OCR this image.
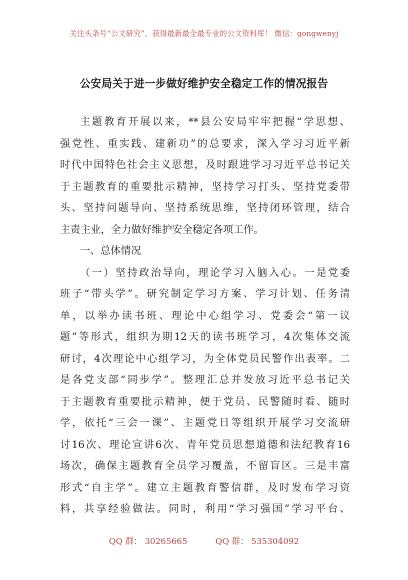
关注头条号“公文研究”，获得最新最全最专业的公文资料库！ 微信：gongwenyj
公安局关于进一步做好维护安全稳定工作的情况报告
主题教育开展以来，**县公安局牢牢把握“学思想、
强党性、重实践、建新功”的总要求，深入学习习近平新
时代中国特色社会主义思想，及时跟进学习习近平总书记关
于主题教育的重要批示精神，坚持学习打头、坚持党委带
头、坚持问题导向、坚持系统思维，坚持闭环管理，结合
主责主业，全力做好维护安全稳定各项工作。
一、总体情况
（一）坚持政治导向，理论学习入脑入心。一是党委
班子“带头学”。研究制定学习方案、学习计划、任务清
单，以举办读书班、理论中心组学习、党委会“第一议
题”等形式，组织为期12天的读书班学习，4次集体交流
研讨，4次理论中心组学习，为全体党员民警作出表率。二
是各党支部“同步学”。整理汇总并发放习近平总书记关
于主题教育重要批示精神，便于党员、民警随时看、随时
学，依托“三会一课”、主题党日等组织开展学习交流研
讨16次、理论宣讲6次、青年党员思想道德和法纪教育16
场次，确保主题教育全员学习覆盖，不留盲区。三是丰富
形式“自主学”。建立主题教育警信群，及时发布学习资
料，共享经验做法。同时，利用“学习强国”学习平台、
QQ 群： 30265665	QQ 群： 535304092
